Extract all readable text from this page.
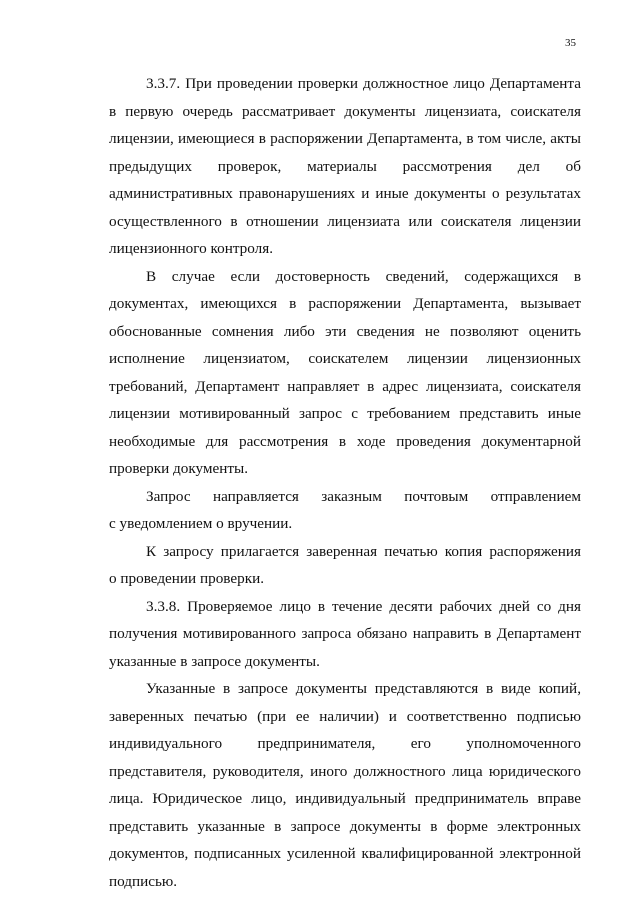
35

3.3.7. При проведении проверки должностное лицо Департамента
в первую очередь рассматривает документы лицензиата, соискателя
лицензии, имеющиеся в распоряжении Департамента, в том числе, акты
предыдущих проверок, материалы рассмотрения дел об
административных правонарушениях и иные документы о результатах
осуществленного в отношении лицензиата или соискателя лицензии
лицензионного контроля.

В случае если достоверность сведений, содержащихся в
документах, имеющихся в распоряжении Департамента, вызывает
обоснованные сомнения либо эти сведения не позволяют оценить
исполнение лицензиатом, соискателем лицензии лицензионных
требований, Департамент направляет в адрес лицензиата, соискателя
лицензии мотивированный запрос с требованием представить иные
необходимые для рассмотрения в ходе проведения документарной
проверки документы.

Запрос направляется заказным почтовым отправлением
с уведомлением о вручении.

К запросу прилагается заверенная печатью копия распоряжения
о проведении проверки.

3.3.8. Проверяемое лицо в течение десяти рабочих дней со дня
получения мотивированного запроса обязано направить в Департамент
указанные в запросе документы.

Указанные в запросе документы представляются в виде копий,
заверенных печатью (при ее наличии) и соответственно подписью
индивидуального предпринимателя, его уполномоченного
представителя, руководителя, иного должностного лица юридического
лица. Юридическое лицо, индивидуальный предприниматель вправе
представить указанные в запросе документы в форме электронных
документов, подписанных усиленной квалифицированной электронной
подписью.
